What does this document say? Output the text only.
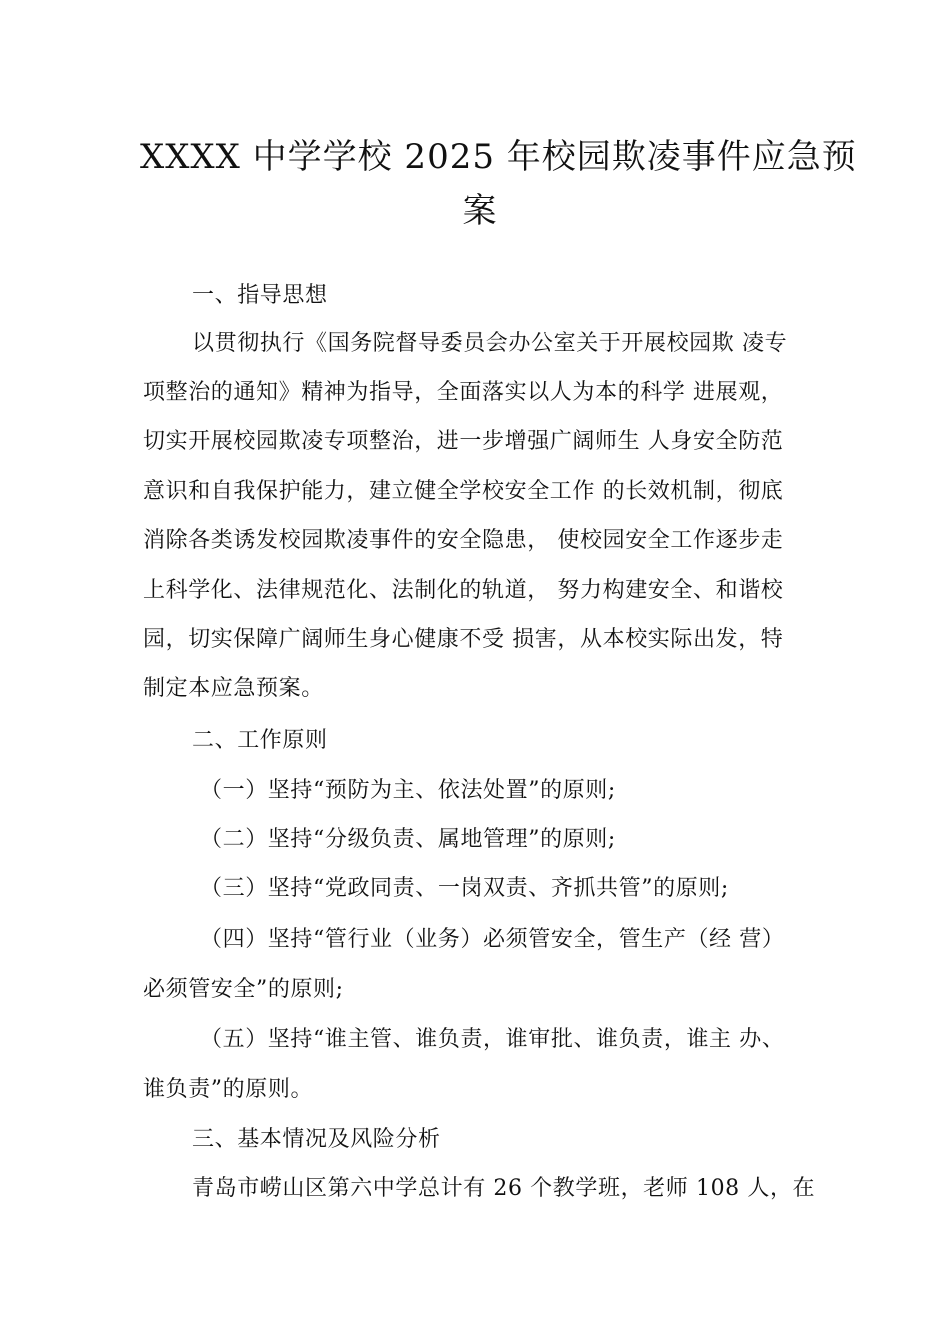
XXXX 中学学校 2025 年校园欺凌事件应急预
案
一、指导思想
以贯彻执行《国务院督导委员会办公室关于开展校园欺 凌专
项整治的通知》精神为指导，全面落实以人为本的科学 进展观，
切实开展校园欺凌专项整治，进一步增强广阔师生 人身安全防范
意识和自我保护能力，建立健全学校安全工作 的长效机制，彻底
消除各类诱发校园欺凌事件的安全隐患， 使校园安全工作逐步走
上科学化、法律规范化、法制化的轨道， 努力构建安全、和谐校
园，切实保障广阔师生身心健康不受 损害，从本校实际出发，特
制定本应急预案。
二、工作原则
（一）坚持“预防为主、依法处置”的原则;
（二）坚持“分级负责、属地管理”的原则;
（三）坚持“党政同责、一岗双责、齐抓共管”的原则;
（四）坚持“管行业（业务）必须管安全，管生产（经 营）
必须管安全”的原则;
（五）坚持“谁主管、谁负责，谁审批、谁负责，谁主 办、
谁负责”的原则。
三、基本情况及风险分析
青岛市崂山区第六中学总计有 26 个教学班，老师 108 人，在
